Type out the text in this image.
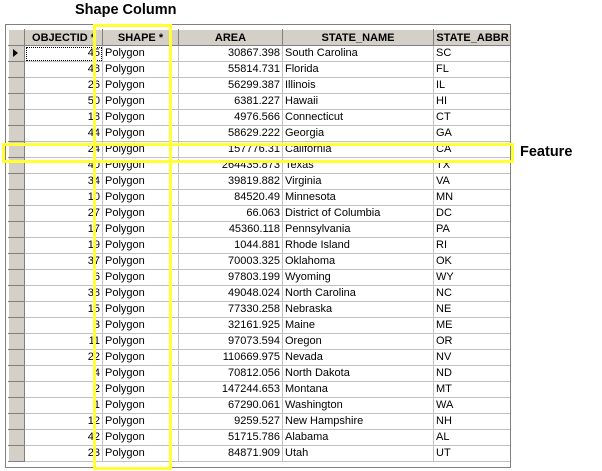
Shape Column
	OBJECTID *	SHAPE *	AREA	STATE_NAME	STATE_ABBR

	45	Polygon	30867.398	South Carolina	SC
	48	Polygon	55814.731	Florida	FL
	26	Polygon	56299.387	Illinois	IL
	50	Polygon	6381.227	Hawaii	HI
	18	Polygon	4976.566	Connecticut	CT
	44	Polygon	58629.222	Georgia	GA
	24	Polygon	157776.31	California	CA
	40	Polygon	264435.873	Texas	TX
	34	Polygon	39819.882	Virginia	VA
	10	Polygon	84520.49	Minnesota	MN
	27	Polygon	66.063	District of Columbia	DC
	17	Polygon	45360.118	Pennsylvania	PA
	19	Polygon	1044.881	Rhode Island	RI
	37	Polygon	70003.325	Oklahoma	OK
	6	Polygon	97803.199	Wyoming	WY
	38	Polygon	49048.024	North Carolina	NC
	15	Polygon	77330.258	Nebraska	NE
	3	Polygon	32161.925	Maine	ME
	11	Polygon	97073.594	Oregon	OR
	22	Polygon	110669.975	Nevada	NV
	4	Polygon	70812.056	North Dakota	ND
	2	Polygon	147244.653	Montana	MT
	1	Polygon	67290.061	Washington	WA
	12	Polygon	9259.527	New Hampshire	NH
	42	Polygon	51715.786	Alabama	AL
	23	Polygon	84871.909	Utah	UT
Feature
